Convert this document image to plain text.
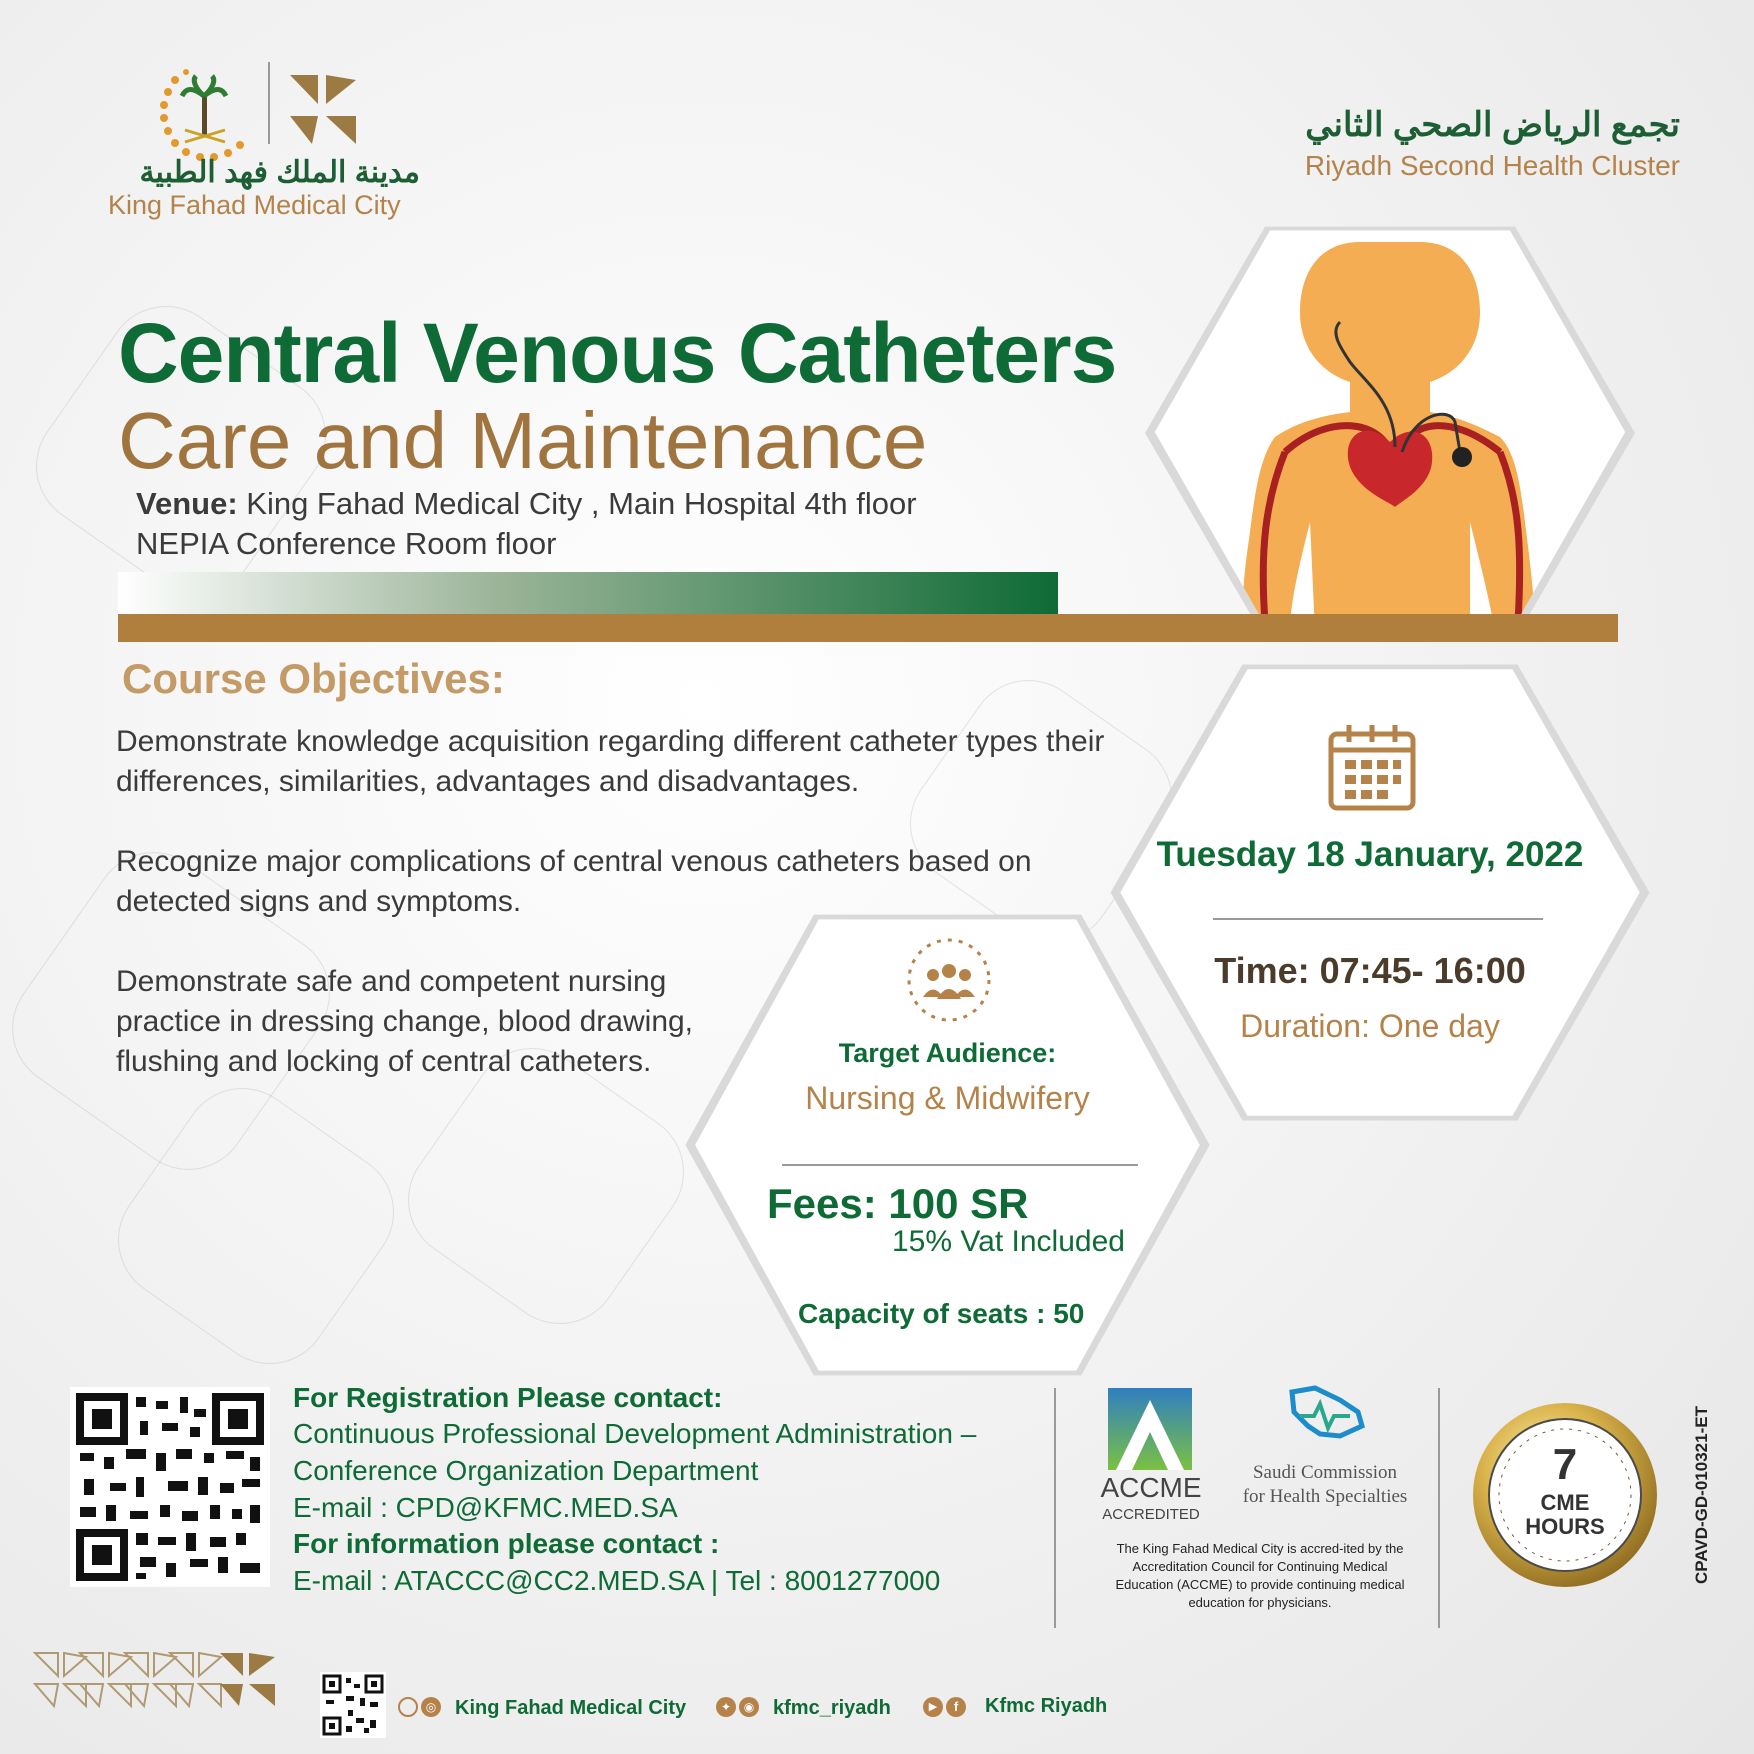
مدينة الملك فهد الطبية
King Fahad Medical City
تجمع الرياض الصحي الثاني
Riyadh Second Health Cluster
Central Venous Catheters
Care and Maintenance
Venue: King Fahad Medical City , Main Hospital 4th floor
NEPIA Conference Room floor
Course Objectives:
Demonstrate knowledge acquisition regarding different catheter types their differences, similarities, advantages and disadvantages.
Recognize major complications of central venous catheters based on detected signs and symptoms.
Demonstrate safe and competent nursing practice in dressing change, blood drawing, flushing and locking of central catheters.
Tuesday 18 January, 2022
Time: 07:45- 16:00
Duration: One day
Target Audience:
Nursing & Midwifery
Fees: 100 SR
15% Vat Included
Capacity of seats : 50
For Registration Please contact:
Continuous Professional Development Administration –
Conference Organization Department
E-mail : CPD@KFMC.MED.SA
For information please contact :
E-mail : ATACCC@CC2.MED.SA | Tel : 8001277000
ACCME
ACCREDITED
Saudi Commission
for Health Specialties
The King Fahad Medical City is accred-ited by the Accreditation Council for Continuing Medical Education (ACCME) to provide continuing medical education for physicians.
7
CME
HOURS	CPAVD-GD-010321-ET
◎ King Fahad Medical City	✦	◉ kfmc_riyadh	▶	f	Kfmc Riyadh
